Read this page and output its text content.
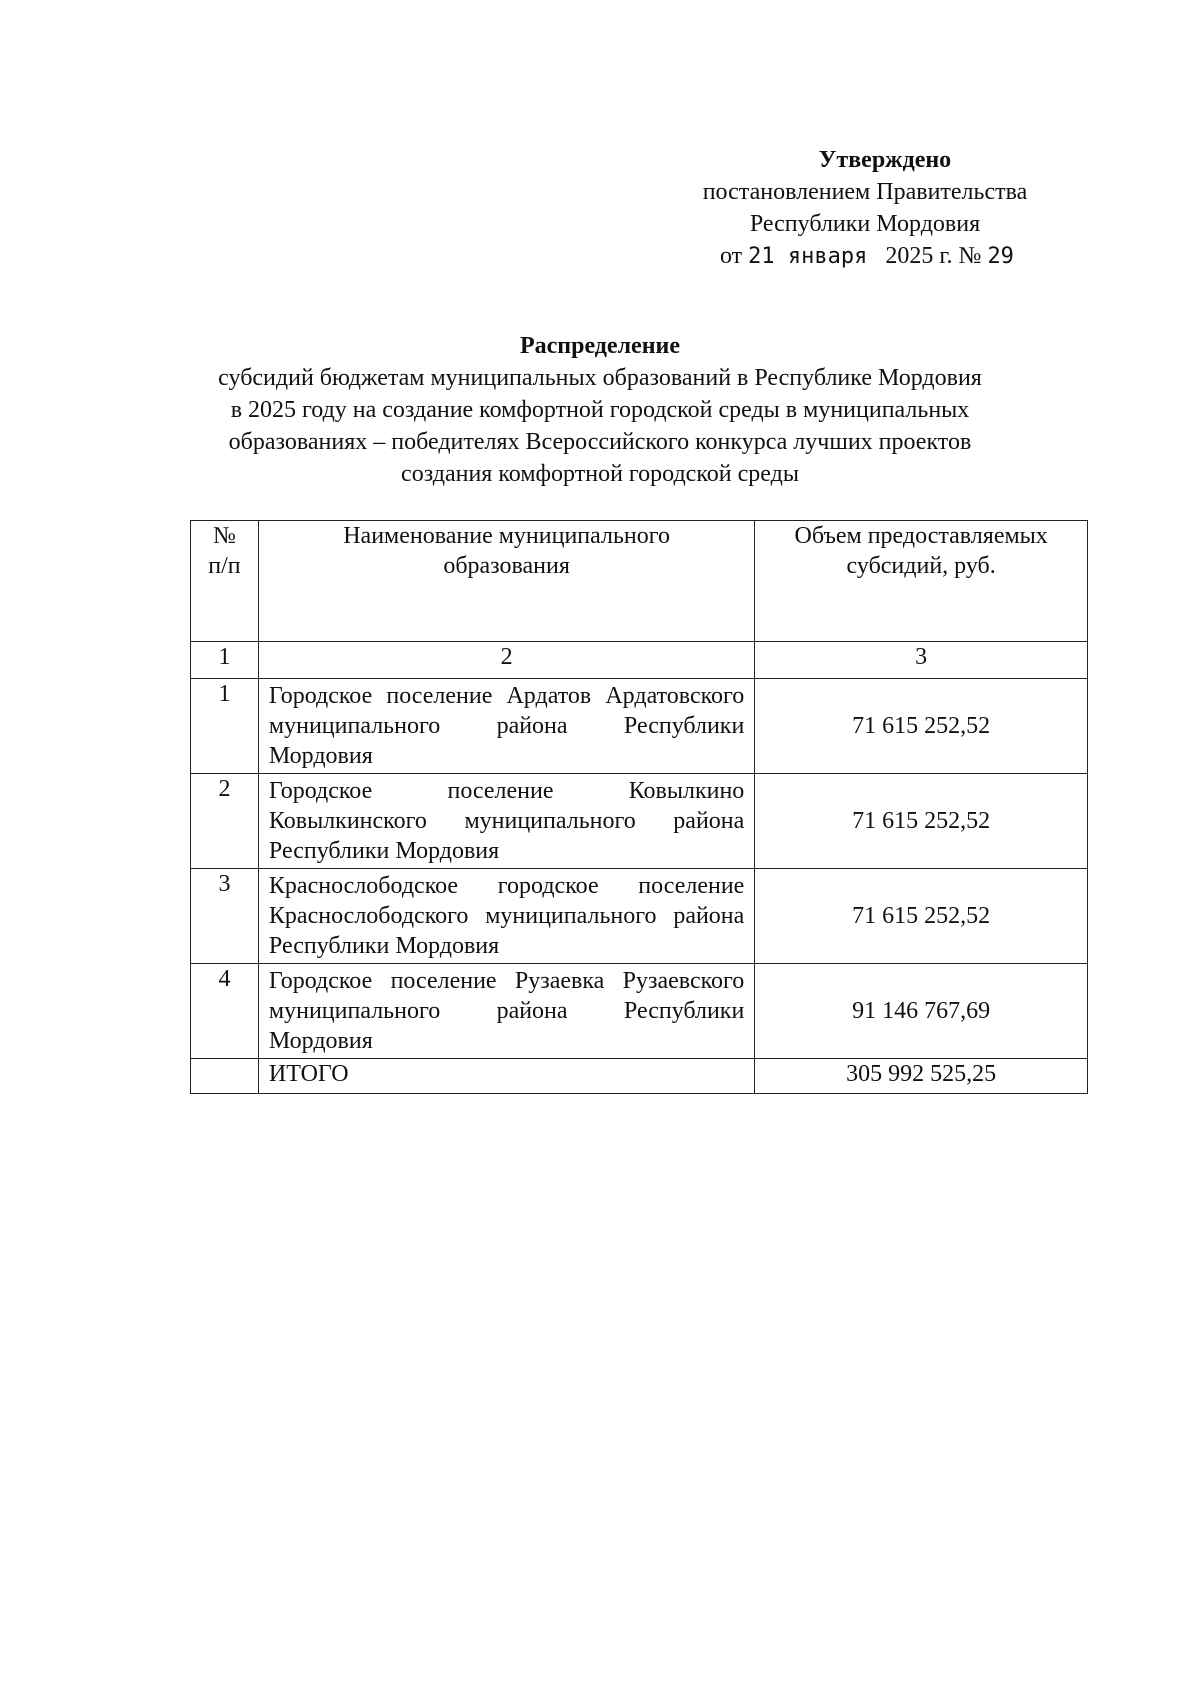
Утверждено
постановлением Правительства
Республики Мордовия
от 21 января 2025 г. № 29
Распределение
субсидий бюджетам муниципальных образований в Республике Мордовия
в 2025 году на создание комфортной городской среды в муниципальных
образованиях – победителях Всероссийского конкурса лучших проектов
создания комфортной городской среды
№
п/п	Наименование муниципального образования	Объем предоставляемых субсидий, руб.
1	2	3
1	Городское поселение Ардатов Ардатовского муниципального района Республики Мордовия	71 615 252,52
2	Городское поселение Ковылкино Ковылкинского муниципального района Республики Мордовия	71 615 252,52
3	Краснослободское городское поселение Краснослободского муниципального района Республики Мордовия	71 615 252,52
4	Городское поселение Рузаевка Рузаевского муниципального района Республики Мордовия	91 146 767,69
	ИТОГО	305 992 525,25
